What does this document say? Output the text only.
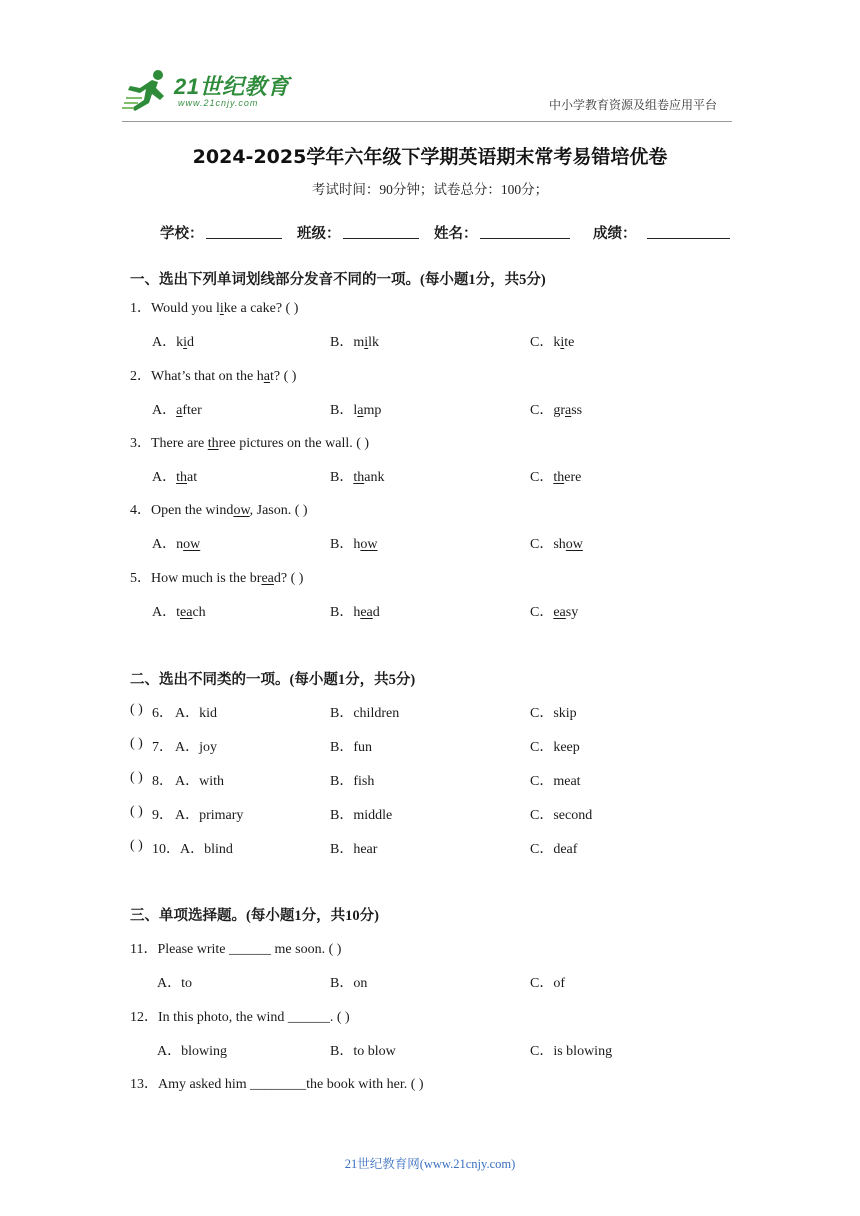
21世纪教育
www.21cnjy.com	中小学教育资源及组卷应用平台
2024-2025学年六年级下学期英语期末常考易错培优卷
考试时间：90分钟；试卷总分：100分；
学校：	班级：	姓名：	成绩：
一、选出下列单词划线部分发音不同的一项。(每小题1分，共5分)
1．Would you like a cake? ( )
A．kid	B．milk	C．kite
2．What’s that on the hat? ( )
A．after	B．lamp	C．grass
3．There are three pictures on the wall. ( )
A．that	B．thank	C．there
4．Open the window, Jason. ( )
A．now	B．how	C．show
5．How much is the bread? ( )
A．teach	B．head	C．easy
二、选出不同类的一项。(每小题1分，共5分)
( ) 6． A．kid	B．children	C．skip
( ) 7． A．joy	B．fun	C．keep
( ) 8． A．with	B．fish	C．meat
( ) 9． A．primary	B．middle	C．second
( ) 10． A．blind	B．hear	C．deaf
三、单项选择题。(每小题1分，共10分)
11．Please write ______ me soon. ( )
A．to	B．on	C．of
12．In this photo, the wind ______. ( )
A．blowing	B．to blow	C．is blowing
13．Amy asked him ________the book with her. ( )
21世纪教育网(www.21cnjy.com)
